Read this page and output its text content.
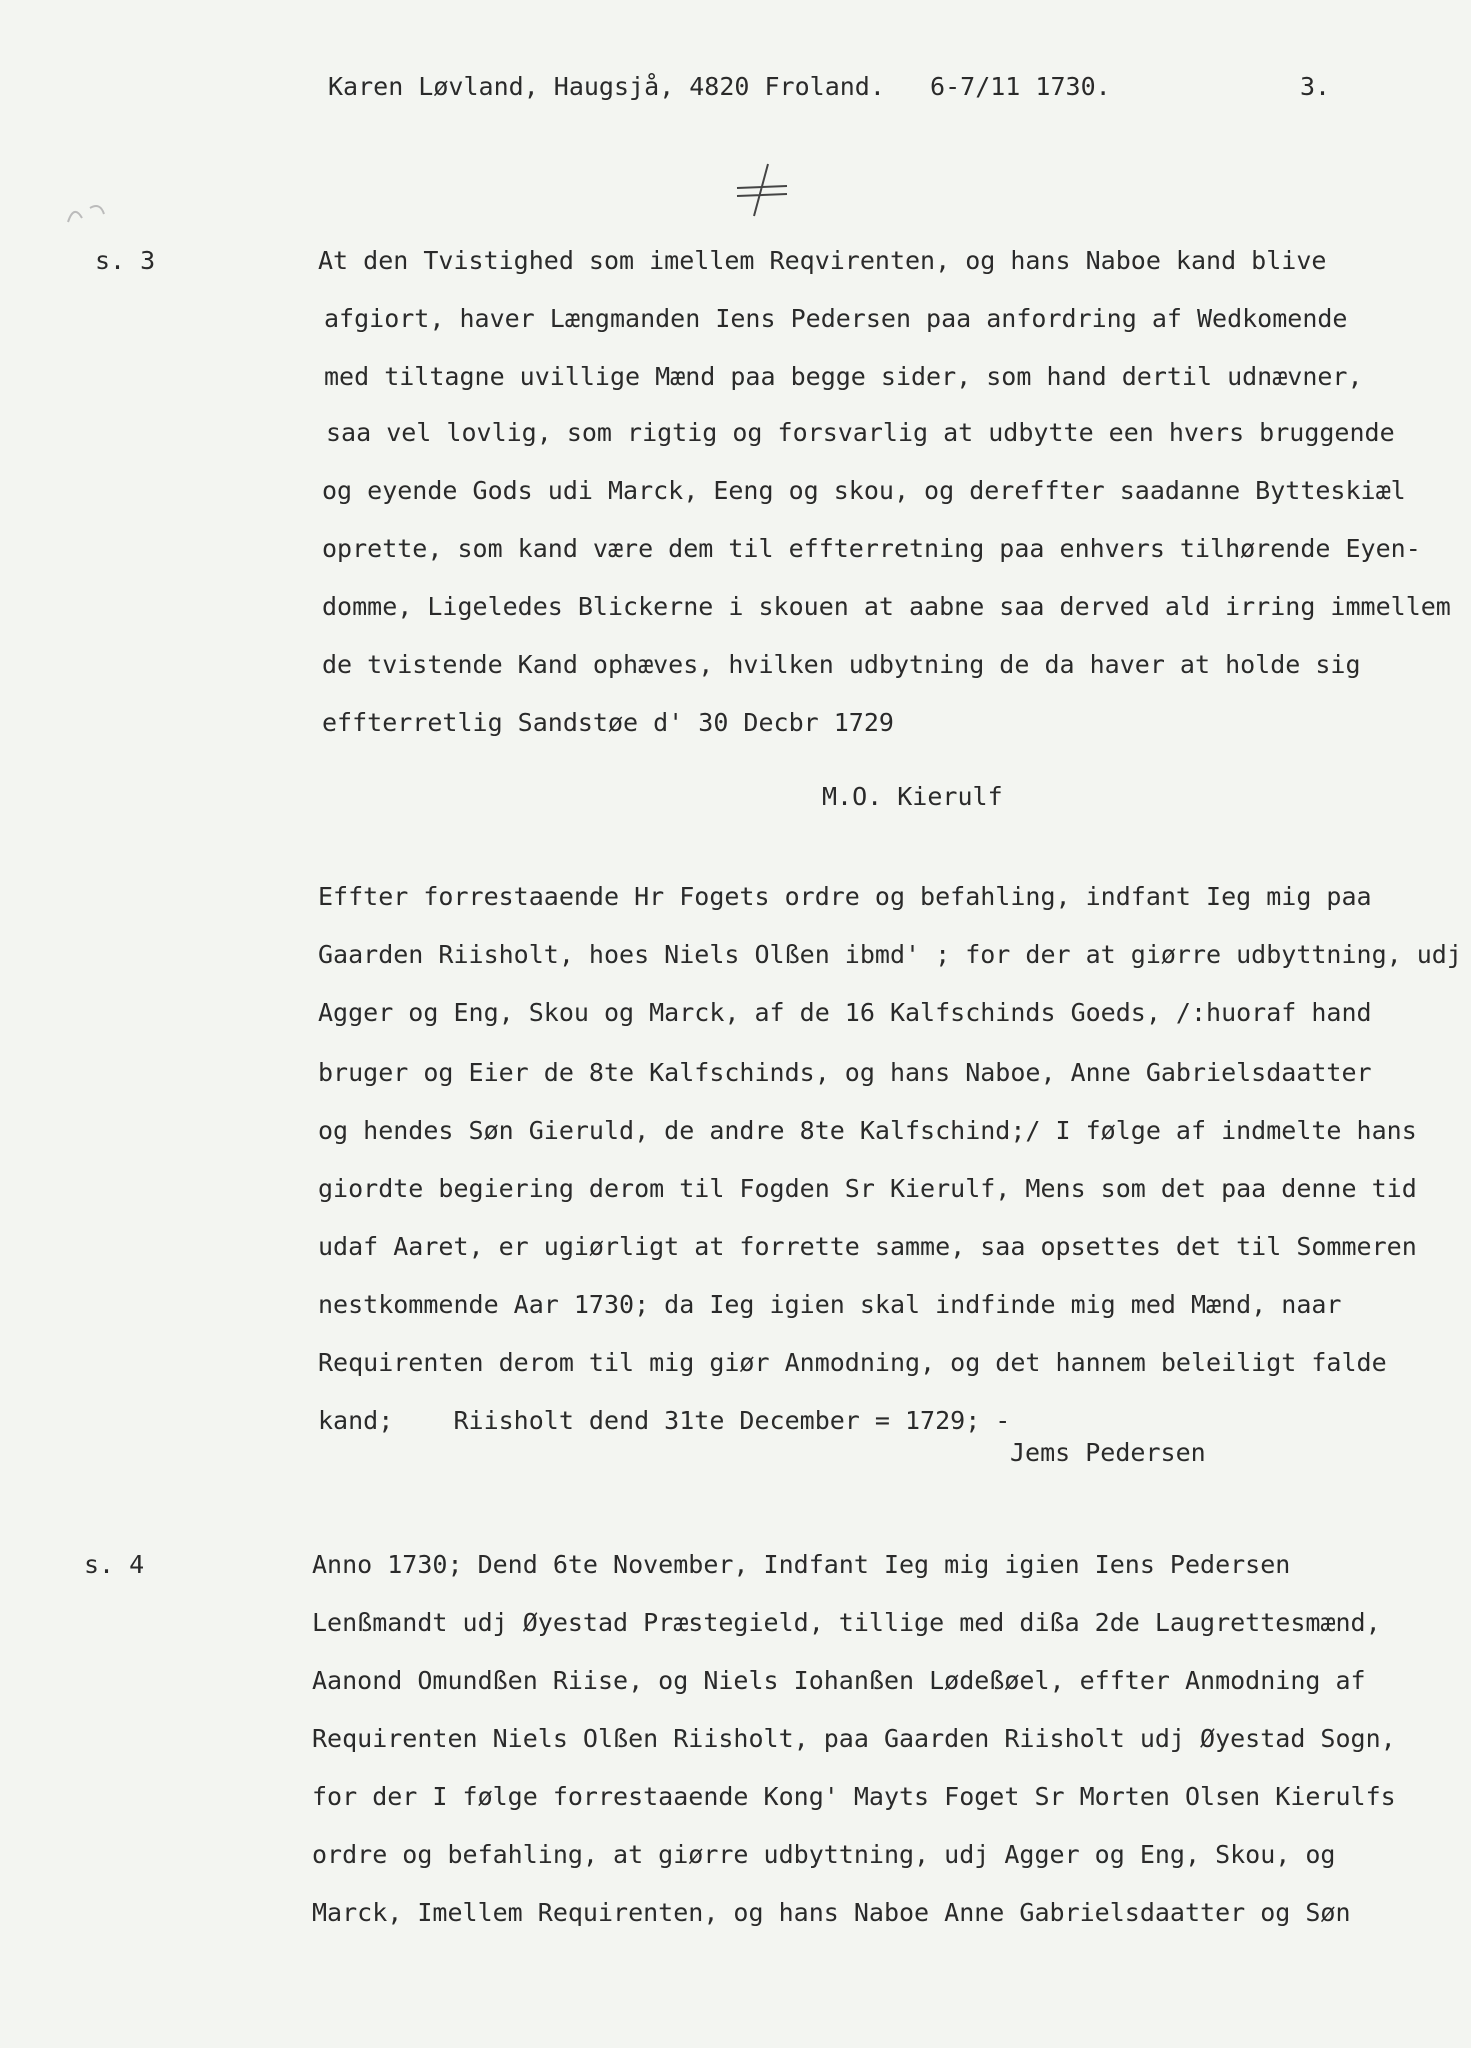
Karen Løvland, Haugsjå, 4820 Froland.   6-7/11 1730.	3.
s. 3
s. 4
At den Tvistighed som imellem Reqvirenten, og hans Naboe kand blive
afgiort, haver Længmanden Iens Pedersen paa anfordring af Wedkomende
med tiltagne uvillige Mænd paa begge sider, som hand dertil udnævner,
saa vel lovlig, som rigtig og forsvarlig at udbytte een hvers bruggende
og eyende Gods udi Marck, Eeng og skou, og dereffter saadanne Bytteskiæl
oprette, som kand være dem til effterretning paa enhvers tilhørende Eyen-
domme, Ligeledes Blickerne i skouen at aabne saa derved ald irring immellem
de tvistende Kand ophæves, hvilken udbytning de da haver at holde sig
effterretlig Sandstøe d' 30 Decbr 1729
M.O. Kierulf
Effter forrestaaende Hr Fogets ordre og befahling, indfant Ieg mig paa
Gaarden Riisholt, hoes Niels Olßen ibmd' ; for der at giørre udbyttning, udj
Agger og Eng, Skou og Marck, af de 16 Kalfschinds Goeds, /:huoraf hand
bruger og Eier de 8te Kalfschinds, og hans Naboe, Anne Gabrielsdaatter
og hendes Søn Gieruld, de andre 8te Kalfschind;/ I følge af indmelte hans
giordte begiering derom til Fogden Sr Kierulf, Mens som det paa denne tid
udaf Aaret, er ugiørligt at forrette samme, saa opsettes det til Sommeren
nestkommende Aar 1730; da Ieg igien skal indfinde mig med Mænd, naar
Requirenten derom til mig giør Anmodning, og det hannem beleiligt falde
kand;    Riisholt dend 31te December = 1729; -
Jems Pedersen
Anno 1730; Dend 6te November, Indfant Ieg mig igien Iens Pedersen
Lenßmandt udj Øyestad Præstegield, tillige med dißa 2de Laugrettesmænd,
Aanond Omundßen Riise, og Niels Iohanßen Lødeßøel, effter Anmodning af
Requirenten Niels Olßen Riisholt, paa Gaarden Riisholt udj Øyestad Sogn,
for der I følge forrestaaende Kong' Mayts Foget Sr Morten Olsen Kierulfs
ordre og befahling, at giørre udbyttning, udj Agger og Eng, Skou, og
Marck, Imellem Requirenten, og hans Naboe Anne Gabrielsdaatter og Søn
